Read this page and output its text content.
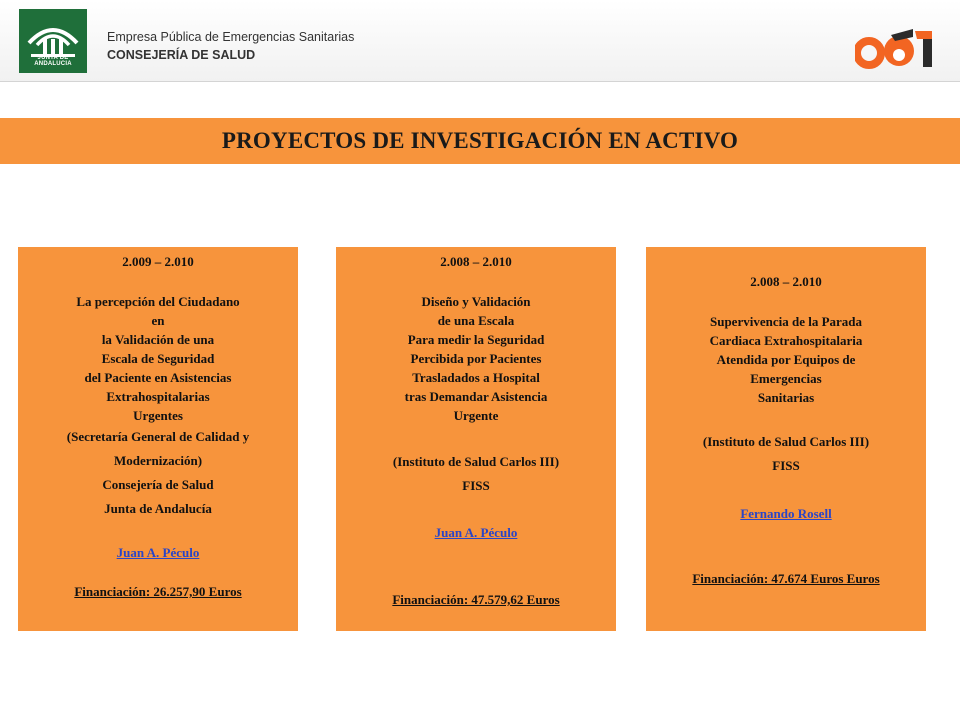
JUNTA DE ANDALUCIA
Empresa Pública de Emergencias Sanitarias
CONSEJERÍA DE SALUD
PROYECTOS DE INVESTIGACIÓN EN ACTIVO

2.009 – 2.010

La percepción del Ciudadano

en

la Validación de una

Escala de Seguridad

del Paciente en Asistencias

Extrahospitalarias

Urgentes

(Secretaría General de Calidad y

Modernización)

Consejería de Salud

Junta de Andalucía

Juan A. Péculo

Financiación: 26.257,90 Euros

2.008 – 2.010

Diseño y Validación

de una Escala

Para medir la Seguridad

Percibida por Pacientes

Trasladados a Hospital

tras Demandar Asistencia

Urgente

(Instituto de Salud Carlos III)

FISS

Juan A. Péculo

Financiación: 47.579,62 Euros

2.008 – 2.010

Supervivencia de la Parada

Cardiaca Extrahospitalaria

Atendida por Equipos de

Emergencias

Sanitarias

(Instituto de Salud Carlos III)

FISS

Fernando Rosell

Financiación: 47.674 Euros Euros
